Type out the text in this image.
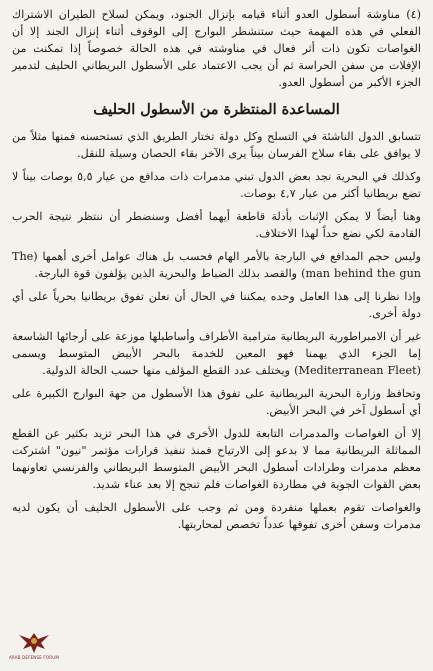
(٤) مناوشة أسطول العدو أثناء قيامه بإنزال الجنود، ويمكن لسلاح الطيران الاشتراك الفعلي في هذه المهمة حيث ستنشطر البوارج إلى الوقوف أثناء إنزال الجند إلا أن الغواصات تكون ذات أثر فعال في مناوشته في هذه الحالة خصوصاً إذا تمكنت من الإفلات من سفن الحراسة ثم أن يجب الاعتماد على الأسطول البريطاني الحليف لتدمير الجزء الأكبر من أسطول العدو.

المساعدة المنتظرة من الأسطول الحليف

تتسابق الدول الناشئة في التسلح وكل دولة تختار الطريق الذي تستحسنه فمنها مثلاً من لا يوافق على بقاء سلاح الفرسان بيناً يرى الآخر بقاء الحصان وسيلة للنقل.

وكذلك في البحرية نجد بعض الدول تبني مدمرات ذات مدافع من عيار ٥,٥ بوصات بيناً لا تضع بريطانيا أكثر من عيار ٤,٧ بوصات.

وهنا أيضاً لا يمكن الإثبات بأدلة قاطعة أيهما أفضل وسنضطر أن ننتظر نتيجة الحرب القادمة لكي نضع حداً لهذا الاختلاف.

وليس حجم المدافع في البارجة بالأمر الهام فحسب بل هناك عوامل أخرى أهمها (The man behind the gun) والقصد بذلك الضباط والبحرية الذين يؤلفون قوة البارجة.

وإذا نظرنا إلى هذا العامل وحده يمكننا في الحال أن نعلن تفوق بريطانيا بحرياً على أي دولة أخرى.

غير أن الامبراطورية البريطانية مترامية الأطراف وأساطيلها موزعة على أرجائها الشاسعة إما الجزء الذي يهمنا فهو المعين للخدمة بالبحر الأبيض المتوسط ويسمى (Mediterranean Fleet) ويختلف عدد القطع المؤلف منها حسب الحالة الدولية.

وتحافظ وزارة البحرية البريطانية على تفوق هذا الأسطول من جهة البوارج الكبيرة على أي أسطول آخر في البحر الأبيض.

إلا أن الغواصات والمدمرات التابعة للدول الأخرى في هذا البحر تزيد بكثير عن القطع المماثلة البريطانية مما لا بدعو إلى الارتياح فمنذ تنفيذ قرارات مؤتمر "نيون" اشتركت معظم مدمرات وطرادات أسطول البحر الأبيض المتوسط البريطاني والفرنسي تعاونهما بعض القوات الجوية في مطاردة الغواصات فلم تنجح إلا بعد عناء شديد.

والغواصات تقوم بعملها منفردة ومن ثم وجب على الأسطول الحليف أن يكون لديه مدمرات وسفن أخرى تفوقها عدداً تخصص لمحاربتها.

ARAB DEFENSE FORUM
